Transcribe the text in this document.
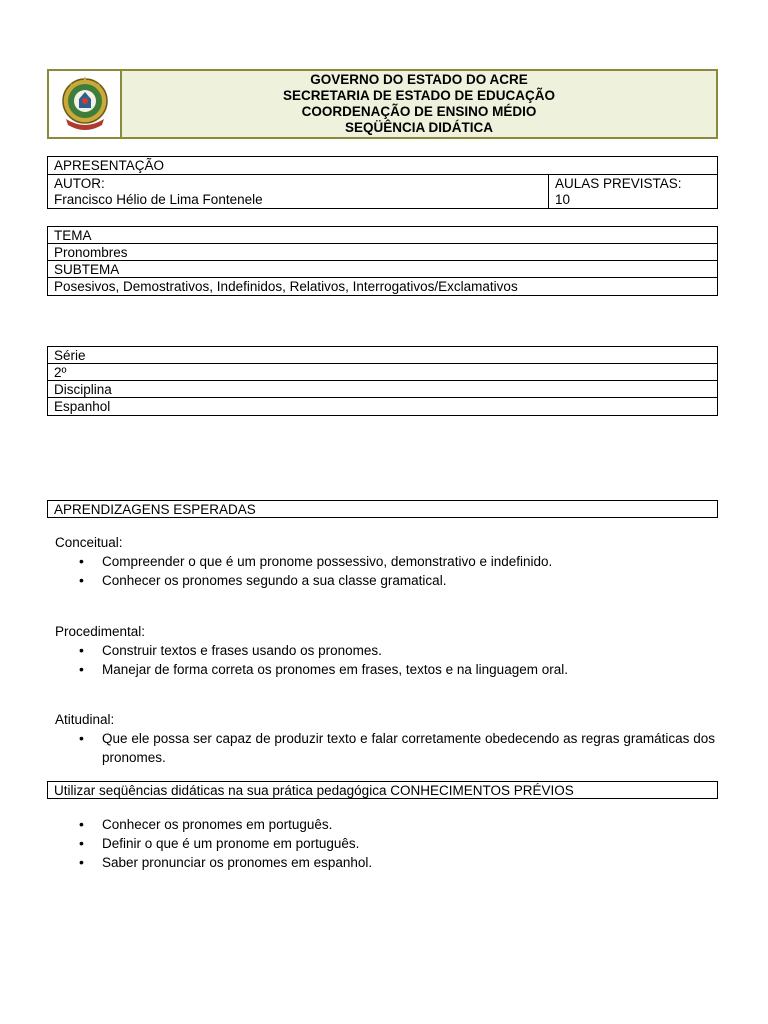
GOVERNO DO ESTADO DO ACRE
SECRETARIA DE ESTADO DE EDUCAÇÃO
COORDENAÇÃO DE ENSINO MÉDIO
SEQÜÊNCIA DIDÁTICA
APRESENTAÇÃO
AUTOR:
Francisco Hélio de Lima Fontenele
AULAS PREVISTAS:
10
TEMA
Pronombres
SUBTEMA
Posesivos, Demostrativos, Indefinidos, Relativos, Interrogativos/Exclamativos
Série
2º
Disciplina
Espanhol
APRENDIZAGENS ESPERADAS
Conceitual:
• Compreender o que é um pronome possessivo, demonstrativo e indefinido.
• Conhecer os pronomes segundo a sua classe gramatical.
Procedimental:
• Construir textos e frases usando os pronomes.
• Manejar de forma correta os pronomes em frases, textos e na linguagem oral.
Atitudinal:
• Que ele possa ser capaz de produzir texto e falar corretamente obedecendo as regras gramáticas dos pronomes.
Utilizar seqüências didáticas na sua prática pedagógica CONHECIMENTOS PRÉVIOS
• Conhecer os pronomes em português.
• Definir o que é um pronome em português.
• Saber pronunciar os pronomes em espanhol.
